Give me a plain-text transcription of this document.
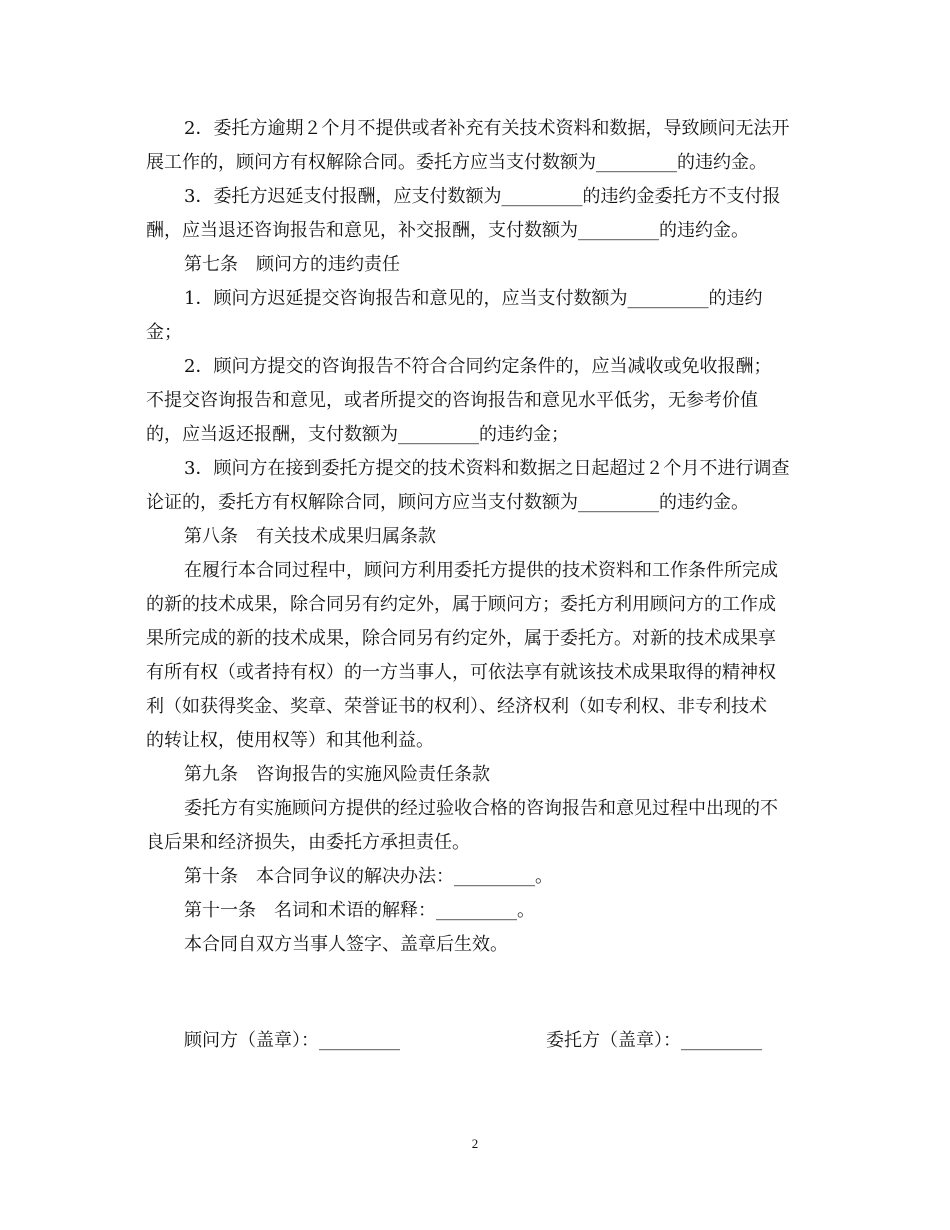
2．委托方逾期２个月不提供或者补充有关技术资料和数据，导致顾问无法开
展工作的，顾问方有权解除合同。委托方应当支付数额为_________的违约金。
3．委托方迟延支付报酬，应支付数额为_________的违约金委托方不支付报
酬，应当退还咨询报告和意见，补交报酬，支付数额为_________的违约金。
第七条　顾问方的违约责任
1．顾问方迟延提交咨询报告和意见的，应当支付数额为_________的违约
金；
2．顾问方提交的咨询报告不符合合同约定条件的，应当减收或免收报酬；
不提交咨询报告和意见，或者所提交的咨询报告和意见水平低劣，无参考价值
的，应当返还报酬，支付数额为_________的违约金；
3．顾问方在接到委托方提交的技术资料和数据之日起超过２个月不进行调查
论证的，委托方有权解除合同，顾问方应当支付数额为_________的违约金。
第八条　有关技术成果归属条款
在履行本合同过程中，顾问方利用委托方提供的技术资料和工作条件所完成
的新的技术成果，除合同另有约定外，属于顾问方；委托方利用顾问方的工作成
果所完成的新的技术成果，除合同另有约定外，属于委托方。对新的技术成果享
有所有权（或者持有权）的一方当事人，可依法享有就该技术成果取得的精神权
利（如获得奖金、奖章、荣誉证书的权利）、经济权利（如专利权、非专利技术
的转让权，使用权等）和其他利益。
第九条　咨询报告的实施风险责任条款
委托方有实施顾问方提供的经过验收合格的咨询报告和意见过程中出现的不
良后果和经济损失，由委托方承担责任。
第十条　本合同争议的解决办法：_________。
第十一条　名词和术语的解释：_________。
本合同自双方当事人签字、盖章后生效。
顾问方（盖章）：_________	委托方（盖章）：_________
2
